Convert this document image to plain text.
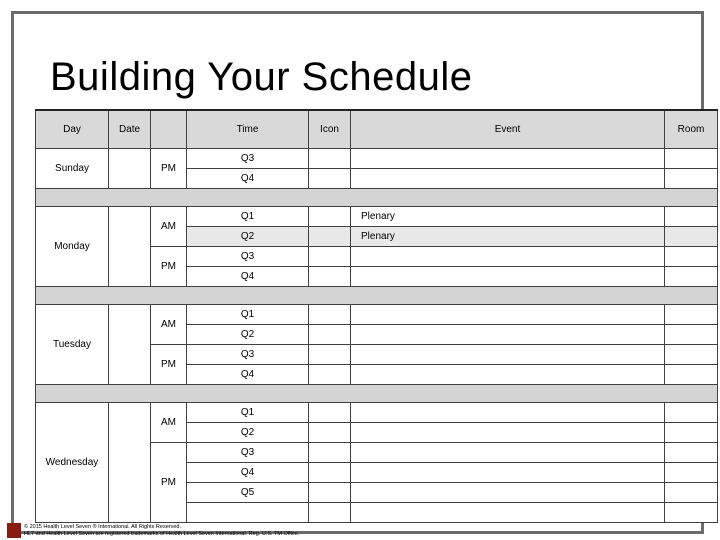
Building Your Schedule
Day	Date		Time	Icon	Event	Room
Sunday		PM	Q3			
			Q4			

Monday		AM	Q1		Plenary	
			Q2		Plenary	
		PM	Q3			
			Q4			

Tuesday		AM	Q1			
			Q2			
		PM	Q3			
			Q4			

Wednesday		AM	Q1			
			Q2			
		PM	Q3			
			Q4			
			Q5			

© 2015 Health Level Seven ® International. All Rights Reserved.
HL7 and Health Level Seven are registered trademarks of Health Level Seven International. Reg. U.S. TM Office.
